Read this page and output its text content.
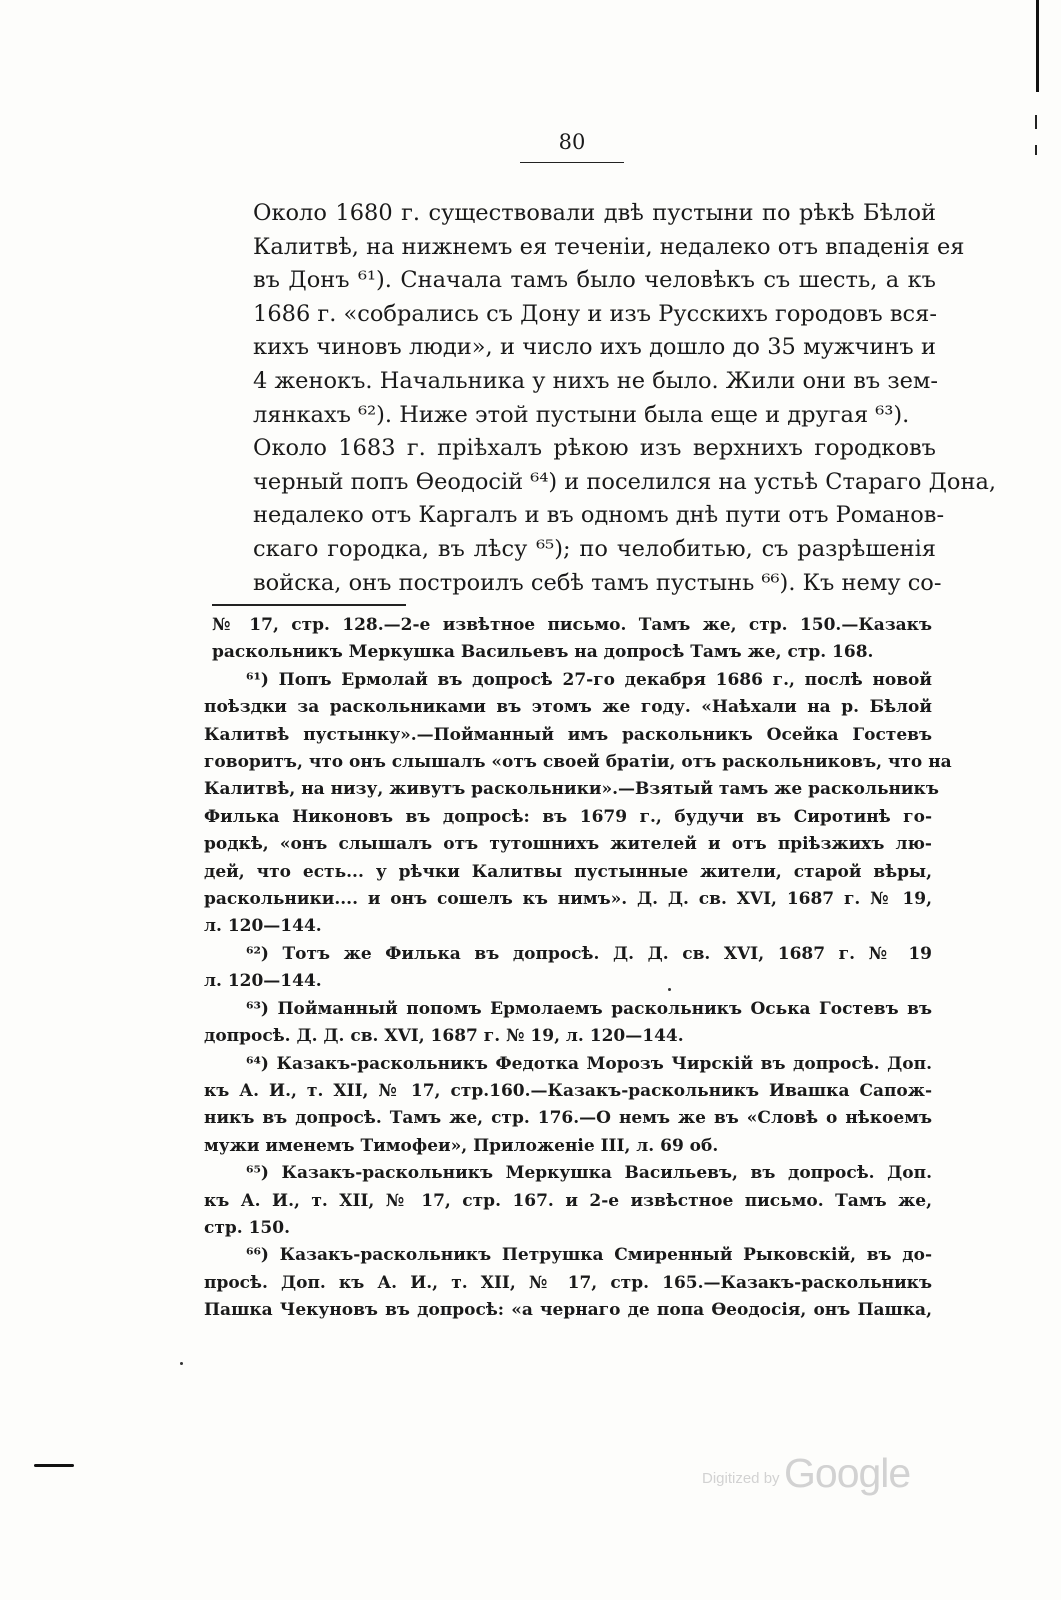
80

Около 1680 г. существовали двѣ пустыни по рѣкѣ Бѣлой
Калитвѣ, на нижнемъ ея теченіи, недалеко отъ впаденія ея
въ Донъ ⁶¹). Сначала тамъ было человѣкъ съ шесть, а къ
1686 г. «собрались съ Дону и изъ Русскихъ городовъ вся-
кихъ чиновъ люди», и число ихъ дошло до 35 мужчинъ и
4 женокъ. Начальника у нихъ не было. Жили они въ зем-
лянкахъ ⁶²). Ниже этой пустыни была еще и другая ⁶³).

Около 1683 г. пріѣхалъ рѣкою изъ верхнихъ городковъ
черный попъ Ѳеодосій ⁶⁴) и поселился на устьѣ Стараго Дона,
недалеко отъ Каргалъ и въ одномъ днѣ пути отъ Романов-
скаго городка, въ лѣсу ⁶⁵); по челобитью, съ разрѣшенія
войска, онъ построилъ себѣ тамъ пустынь ⁶⁶). Къ нему со-

№ 17, стр. 128.—2-е извѣтное письмо. Тамъ же, стр. 150.—Казакъ
раскольникъ Меркушка Васильевъ на допросѣ Тамъ же, стр. 168.
⁶¹) Попъ Ермолай въ допросѣ 27-го декабря 1686 г., послѣ новой
поѣздки за раскольниками въ этомъ же году. «Наѣхали на р. Бѣлой
Калитвѣ пустынку».—Пойманный имъ раскольникъ Осейка Гостевъ
говоритъ, что онъ слышалъ «отъ своей братіи, отъ раскольниковъ, что на
Калитвѣ, на низу, живутъ раскольники».—Взятый тамъ же раскольникъ
Филька Никоновъ въ допросѣ: въ 1679 г., будучи въ Сиротинѣ го-
родкѣ, «онъ слышалъ отъ тутошнихъ жителей и отъ пріѣзжихъ лю-
дей, что есть... у рѣчки Калитвы пустынные жители, старой вѣры,
раскольники.... и онъ сошелъ къ нимъ». Д. Д. св. XVI, 1687 г. № 19,
л. 120—144.
⁶²) Тотъ же Филька въ допросѣ. Д. Д. св. XVI, 1687 г. № 19
л. 120—144.
⁶³) Пойманный попомъ Ермолаемъ раскольникъ Оська Гостевъ въ
допросѣ. Д. Д. св. XVI, 1687 г. № 19, л. 120—144.
⁶⁴) Казакъ-раскольникъ Федотка Морозъ Чирскій въ допросѣ. Доп.
къ А. И., т. XII, № 17, стр.160.—Казакъ-раскольникъ Ивашка Сапож-
никъ въ допросѣ. Тамъ же, стр. 176.—О немъ же въ «Словѣ о нѣкоемъ
мужи именемъ Тимофеи», Приложеніе III, л. 69 об.
⁶⁵) Казакъ-раскольникъ Меркушка Васильевъ, въ допросѣ. Доп.
къ А. И., т. XII, № 17, стр. 167. и 2-е извѣстное письмо. Тамъ же,
стр. 150.
⁶⁶) Казакъ-раскольникъ Петрушка Смиренный Рыковскій, въ до-
просѣ. Доп. къ А. И., т. XII, № 17, стр. 165.—Казакъ-раскольникъ
Пашка Чекуновъ въ допросѣ: «а чернаго де попа Ѳеодосія, онъ Пашка,
Digitized by Google
